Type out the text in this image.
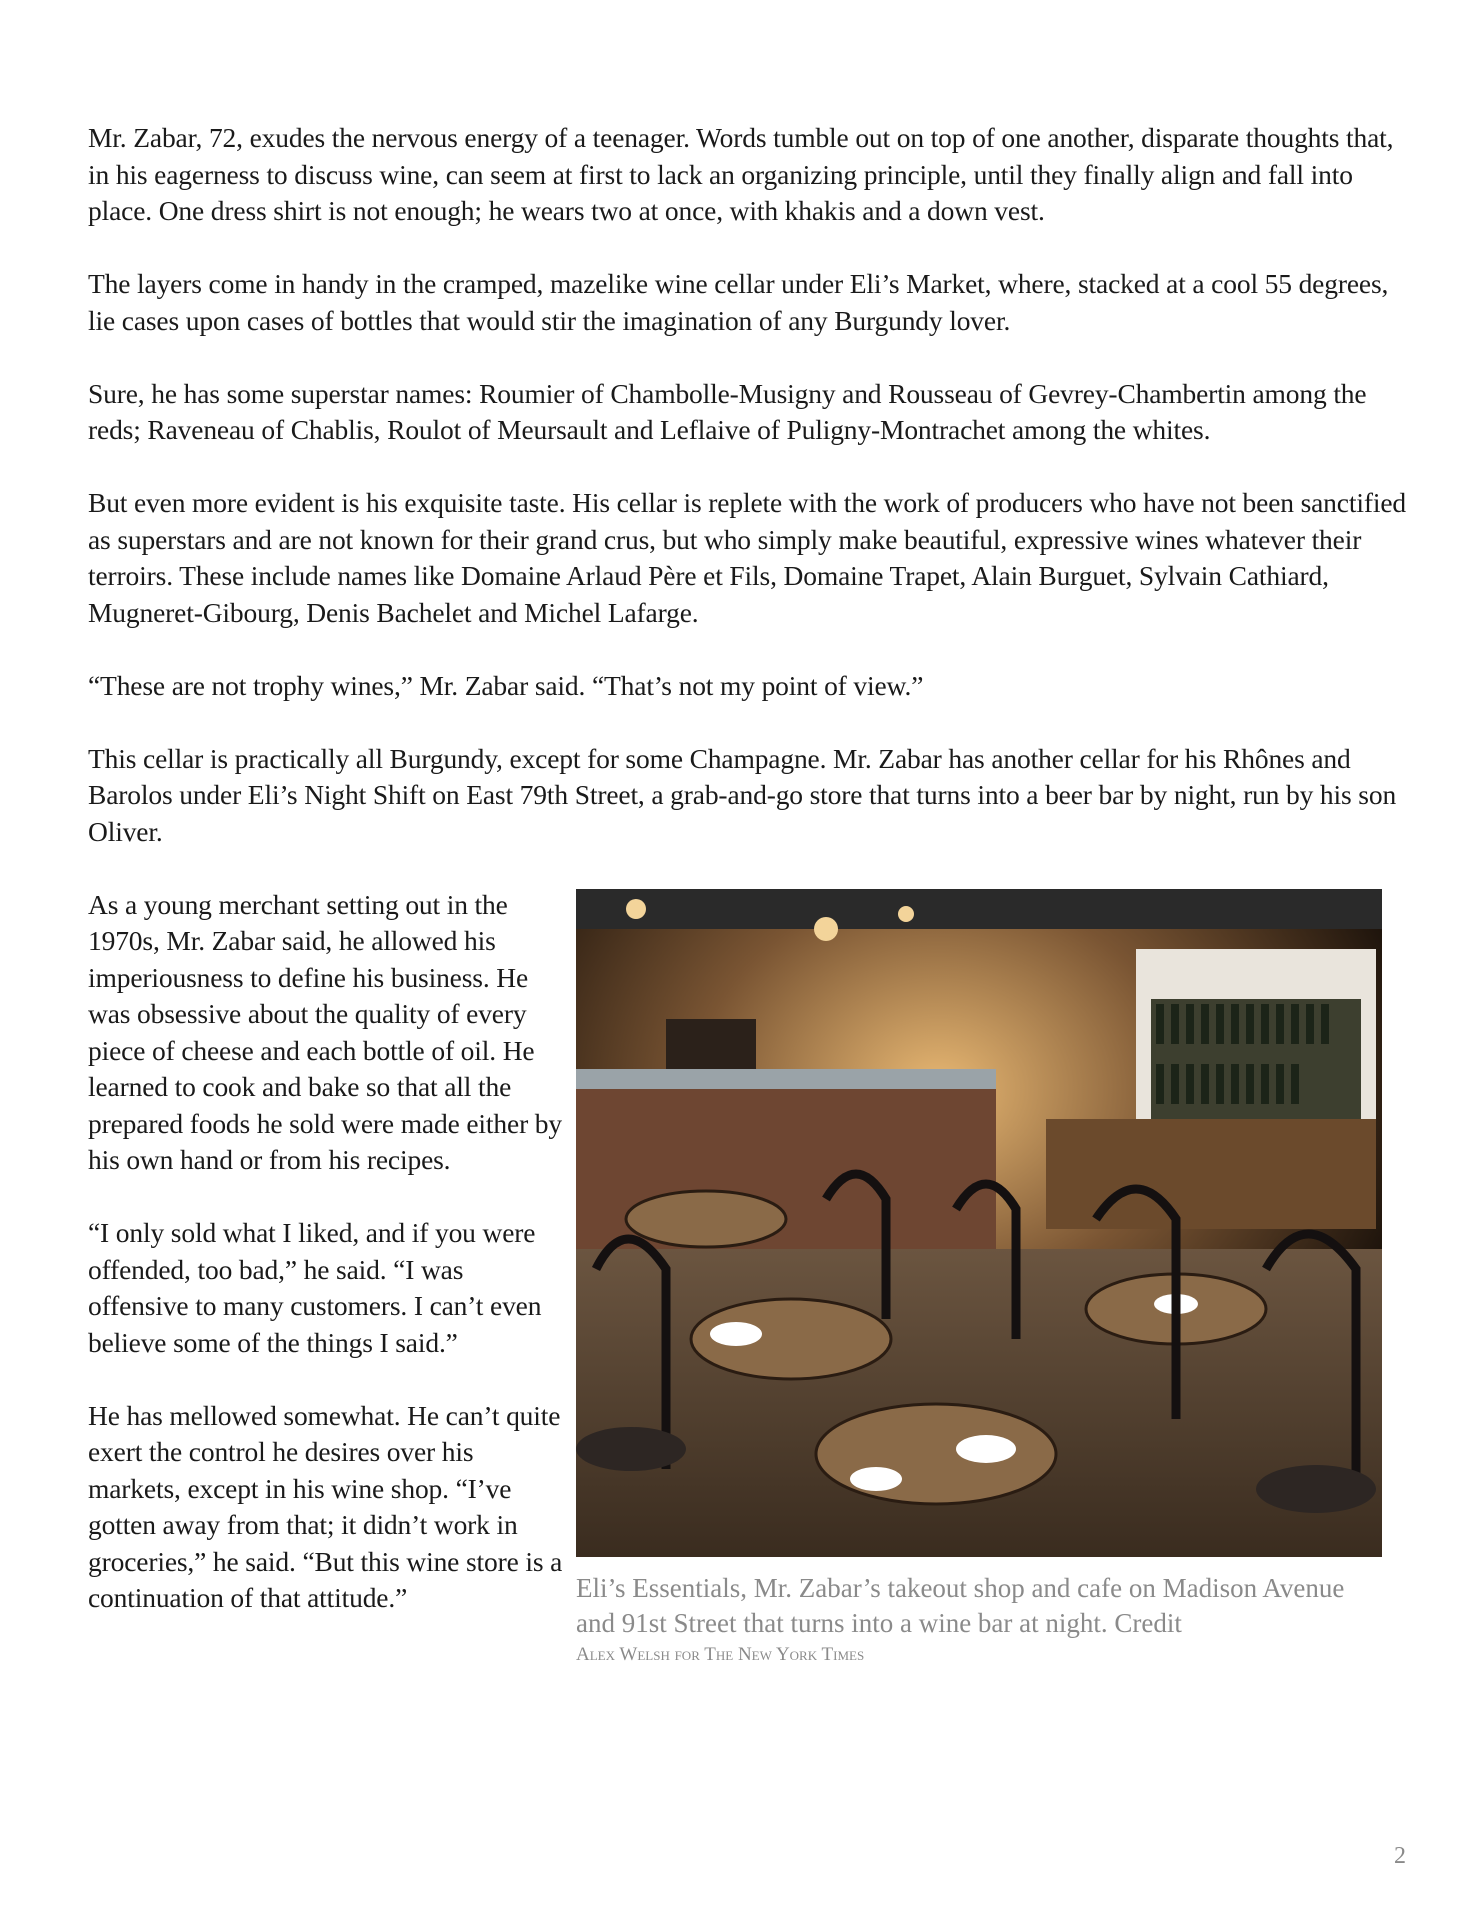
Mr. Zabar, 72, exudes the nervous energy of a teenager. Words tumble out on top of one another, disparate thoughts that, in his eagerness to discuss wine, can seem at first to lack an organizing principle, until they finally align and fall into place. One dress shirt is not enough; he wears two at once, with khakis and a down vest.

The layers come in handy in the cramped, mazelike wine cellar under Eli’s Market, where, stacked at a cool 55 degrees, lie cases upon cases of bottles that would stir the imagination of any Burgundy lover.

Sure, he has some superstar names: Roumier of Chambolle-Musigny and Rousseau of Gevrey-Chambertin among the reds; Raveneau of Chablis, Roulot of Meursault and Leflaive of Puligny-Montrachet among the whites.

But even more evident is his exquisite taste. His cellar is replete with the work of producers who have not been sanctified as superstars and are not known for their grand crus, but who simply make beautiful, expressive wines whatever their terroirs. These include names like Domaine Arlaud Père et Fils, Domaine Trapet, Alain Burguet, Sylvain Cathiard, Mugneret-Gibourg, Denis Bachelet and Michel Lafarge.

“These are not trophy wines,” Mr. Zabar said. “That’s not my point of view.”

This cellar is practically all Burgundy, except for some Champagne. Mr. Zabar has another cellar for his Rhônes and Barolos under Eli’s Night Shift on East 79th Street, a grab-and-go store that turns into a beer bar by night, run by his son Oliver.

As a young merchant setting out in the 1970s, Mr. Zabar said, he allowed his imperiousness to define his business. He was obsessive about the quality of every piece of cheese and each bottle of oil. He learned to cook and bake so that all the prepared foods he sold were made either by his own hand or from his recipes.

“I only sold what I liked, and if you were offended, too bad,” he said. “I was offensive to many customers. I can’t even believe some of the things I said.”

He has mellowed somewhat. He can’t quite exert the control he desires over his markets, except in his wine shop. “I’ve gotten away from that; it didn’t work in groceries,” he said. “But this wine store is a continuation of that attitude.”	Eli’s Essentials, Mr. Zabar’s takeout shop and cafe on Madison Avenue and 91st Street that turns into a wine bar at night. Credit
Alex Welsh for The New York Times
2
